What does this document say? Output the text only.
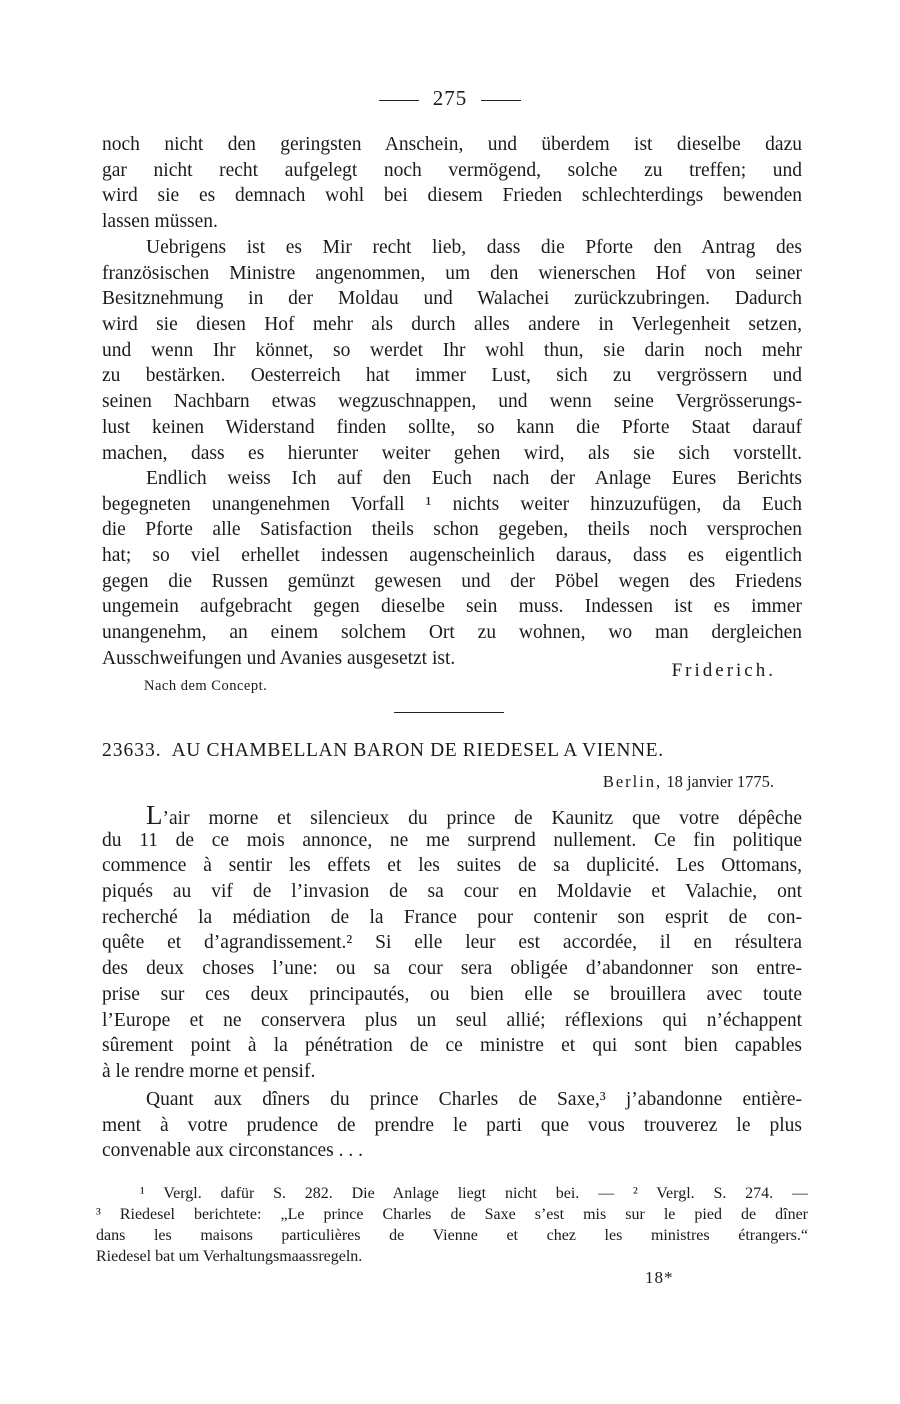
275
noch nicht den geringsten Anschein, und überdem ist dieselbe dazu
gar nicht recht aufgelegt noch vermögend, solche zu treffen; und
wird sie es demnach wohl bei diesem Frieden schlechterdings bewenden
lassen müssen.
Uebrigens ist es Mir recht lieb, dass die Pforte den Antrag des
französischen Ministre angenommen, um den wienerschen Hof von seiner
Besitznehmung in der Moldau und Walachei zurückzubringen. Dadurch
wird sie diesen Hof mehr als durch alles andere in Verlegenheit setzen,
und wenn Ihr könnet, so werdet Ihr wohl thun, sie darin noch mehr
zu bestärken. Oesterreich hat immer Lust, sich zu vergrössern und
seinen Nachbarn etwas wegzuschnappen, und wenn seine Vergrösserungs-
lust keinen Widerstand finden sollte, so kann die Pforte Staat darauf
machen, dass es hierunter weiter gehen wird, als sie sich vorstellt.
Endlich weiss Ich auf den Euch nach der Anlage Eures Berichts
begegneten unangenehmen Vorfall ¹ nichts weiter hinzuzufügen, da Euch
die Pforte alle Satisfaction theils schon gegeben, theils noch versprochen
hat; so viel erhellet indessen augenscheinlich daraus, dass es eigentlich
gegen die Russen gemünzt gewesen und der Pöbel wegen des Friedens
ungemein aufgebracht gegen dieselbe sein muss. Indessen ist es immer
unangenehm, an einem solchem Ort zu wohnen, wo man dergleichen
Ausschweifungen und Avanies ausgesetzt ist.
Nach dem Concept.
Friderich.
23633. AU CHAMBELLAN BARON DE RIEDESEL A VIENNE.
Berlin, 18 janvier 1775.
L’air morne et silencieux du prince de Kaunitz que votre dépêche
du 11 de ce mois annonce, ne me surprend nullement. Ce fin politique
commence à sentir les effets et les suites de sa duplicité. Les Ottomans,
piqués au vif de l’invasion de sa cour en Moldavie et Valachie, ont
recherché la médiation de la France pour contenir son esprit de con-
quête et d’agrandissement.² Si elle leur est accordée, il en résultera
des deux choses l’une: ou sa cour sera obligée d’abandonner son entre-
prise sur ces deux principautés, ou bien elle se brouillera avec toute
l’Europe et ne conservera plus un seul allié; réflexions qui n’échappent
sûrement point à la pénétration de ce ministre et qui sont bien capables
à le rendre morne et pensif.
Quant aux dîners du prince Charles de Saxe,³ j’abandonne entière-
ment à votre prudence de prendre le parti que vous trouverez le plus
convenable aux circonstances . . .
¹ Vergl. dafür S. 282. Die Anlage liegt nicht bei. — ² Vergl. S. 274. —
³ Riedesel berichtete: „Le prince Charles de Saxe s’est mis sur le pied de dîner
dans les maisons particulières de Vienne et chez les ministres étrangers.“
Riedesel bat um Verhaltungsmaassregeln.
18*
